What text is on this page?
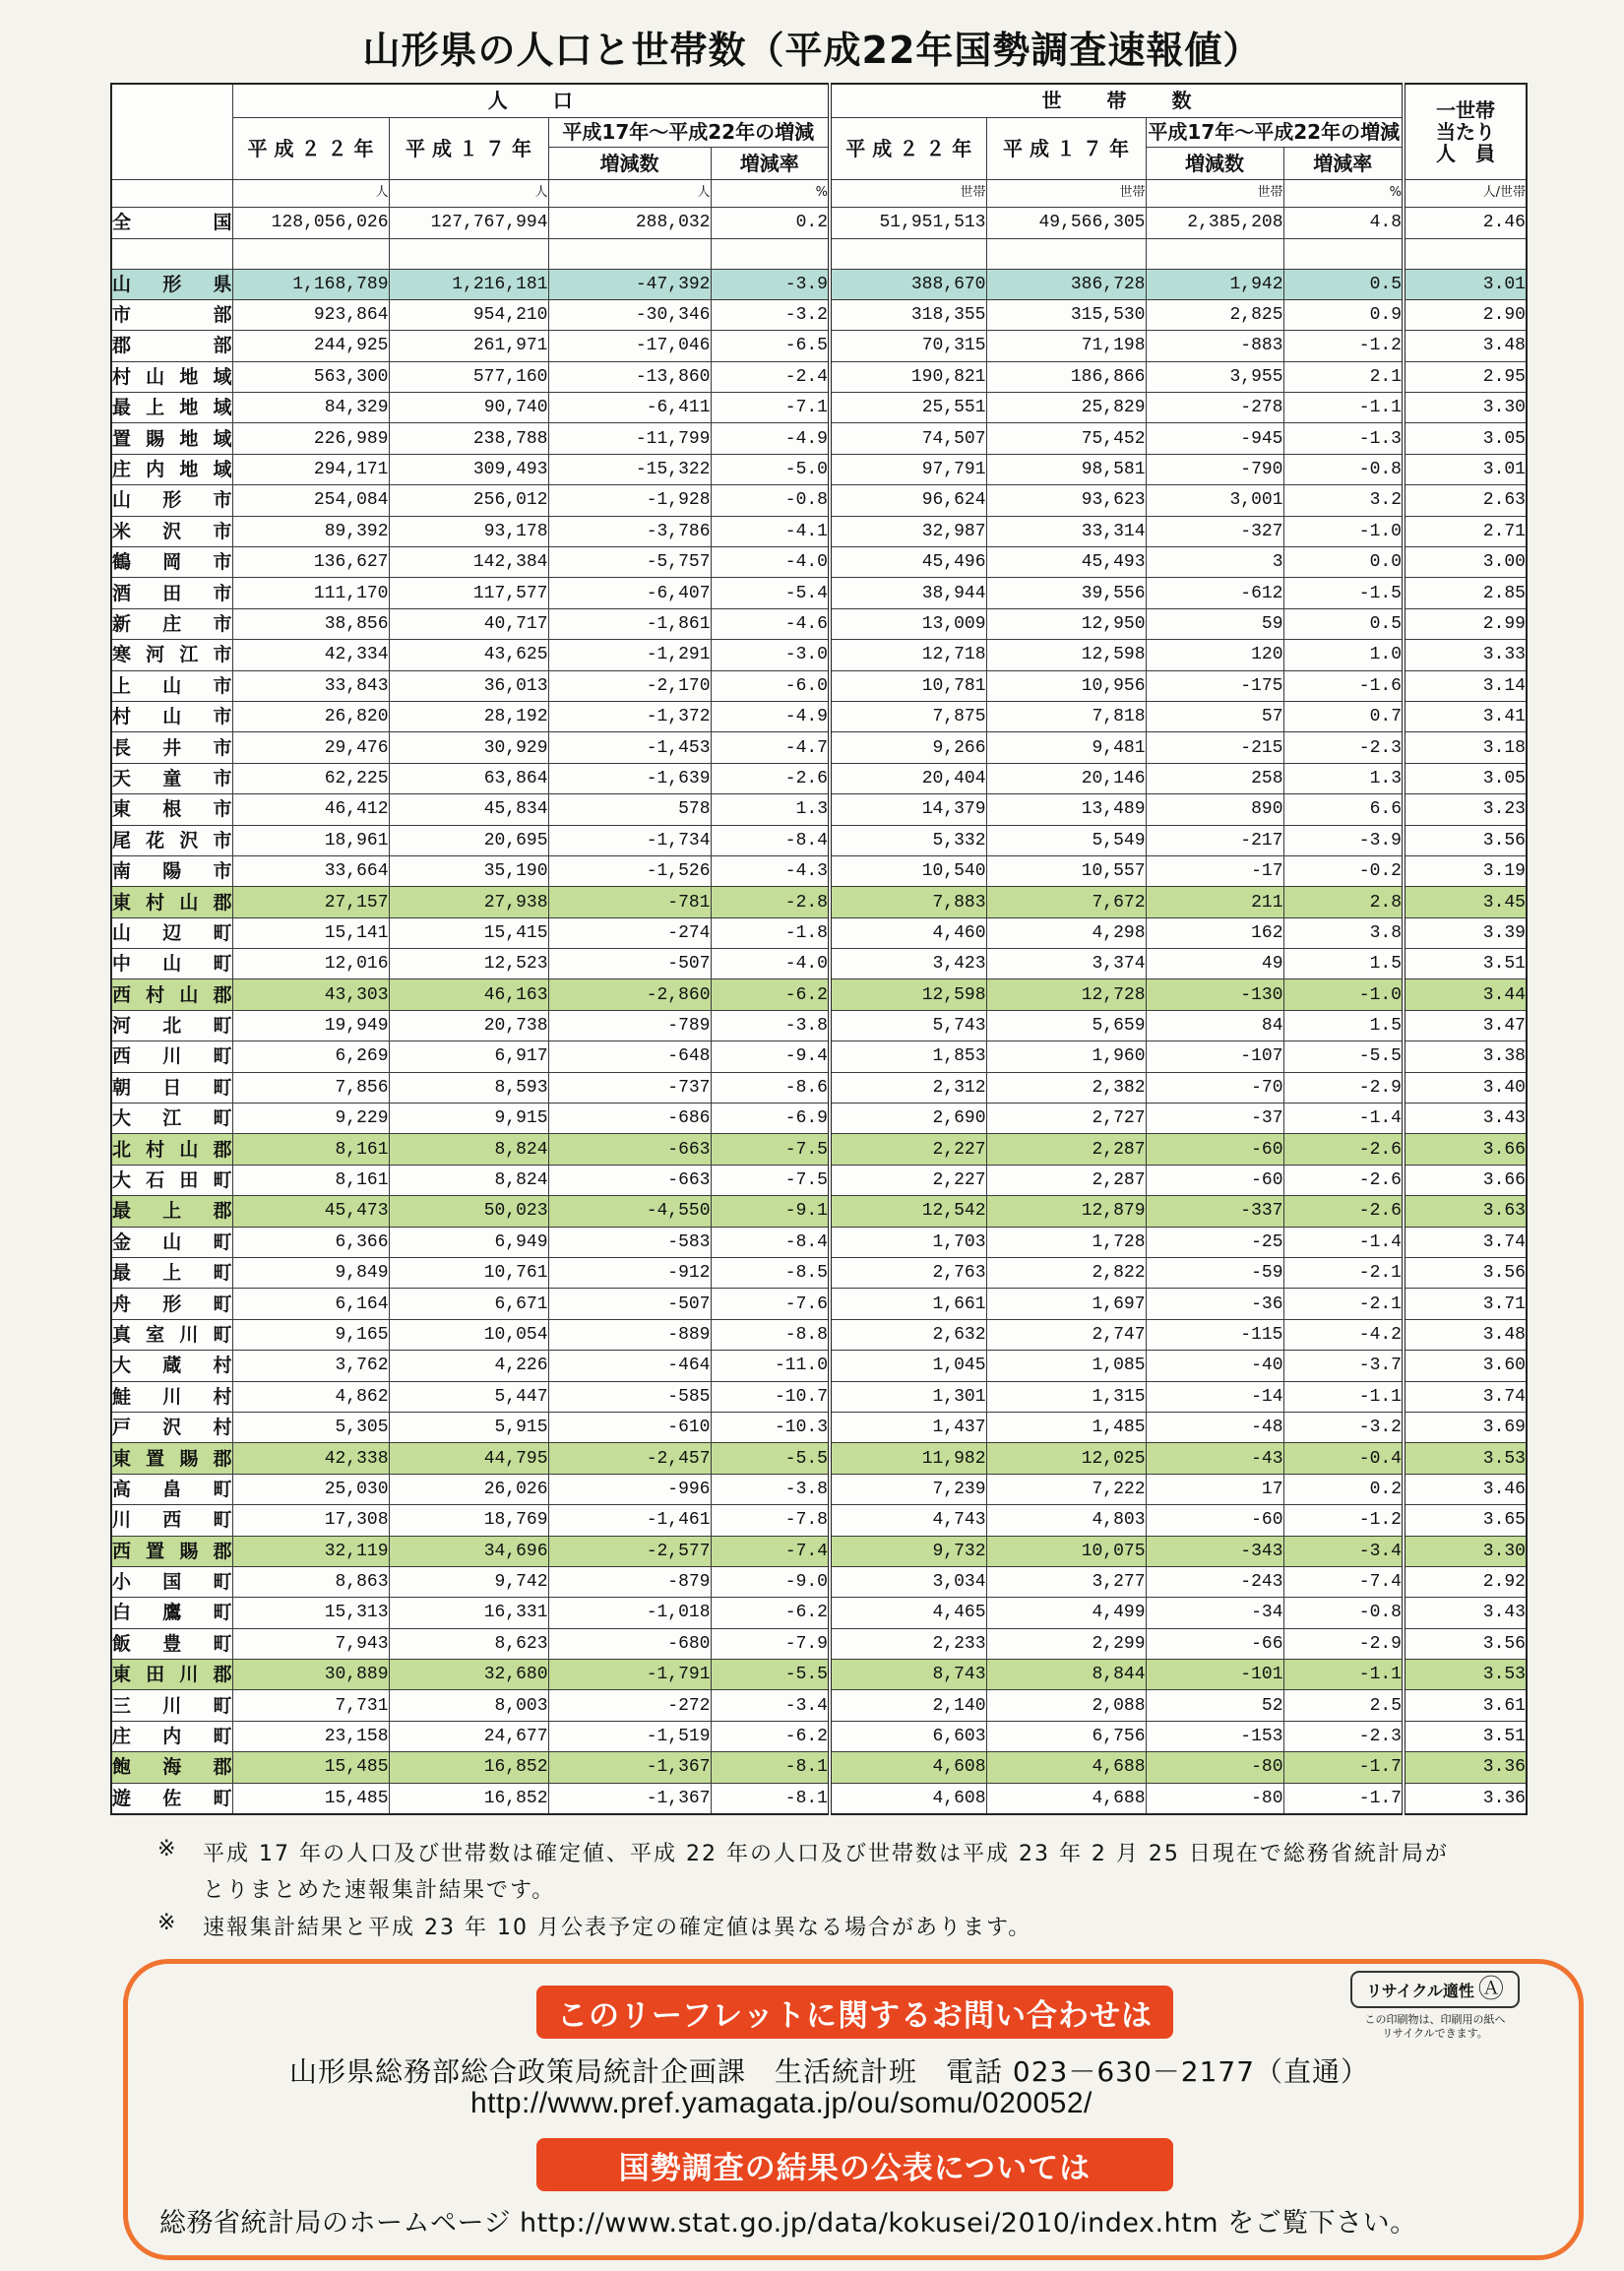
山形県の人口と世帯数（平成22年国勢調査速報値）
	人口				世帯数				一世帯
当たり
人員

	平成２２年	平成１７年	平成17年～平成22年の増減		平成２２年	平成１７年	平成17年～平成22年の増減		
			増減数	増減率			増減数	増減率	
	人	人	人	%	世帯	世帯	世帯	%	人/世帯
全国	128,056,026	127,767,994	288,032	0.2	51,951,513	49,566,305	2,385,208	4.8	2.46

山形県	1,168,789	1,216,181	-47,392	-3.9	388,670	386,728	1,942	0.5	3.01
市部	923,864	954,210	-30,346	-3.2	318,355	315,530	2,825	0.9	2.90
郡部	244,925	261,971	-17,046	-6.5	70,315	71,198	-883	-1.2	3.48
村山地域	563,300	577,160	-13,860	-2.4	190,821	186,866	3,955	2.1	2.95
最上地域	84,329	90,740	-6,411	-7.1	25,551	25,829	-278	-1.1	3.30
置賜地域	226,989	238,788	-11,799	-4.9	74,507	75,452	-945	-1.3	3.05
庄内地域	294,171	309,493	-15,322	-5.0	97,791	98,581	-790	-0.8	3.01
山形市	254,084	256,012	-1,928	-0.8	96,624	93,623	3,001	3.2	2.63
米沢市	89,392	93,178	-3,786	-4.1	32,987	33,314	-327	-1.0	2.71
鶴岡市	136,627	142,384	-5,757	-4.0	45,496	45,493	3	0.0	3.00
酒田市	111,170	117,577	-6,407	-5.4	38,944	39,556	-612	-1.5	2.85
新庄市	38,856	40,717	-1,861	-4.6	13,009	12,950	59	0.5	2.99
寒河江市	42,334	43,625	-1,291	-3.0	12,718	12,598	120	1.0	3.33
上山市	33,843	36,013	-2,170	-6.0	10,781	10,956	-175	-1.6	3.14
村山市	26,820	28,192	-1,372	-4.9	7,875	7,818	57	0.7	3.41
長井市	29,476	30,929	-1,453	-4.7	9,266	9,481	-215	-2.3	3.18
天童市	62,225	63,864	-1,639	-2.6	20,404	20,146	258	1.3	3.05
東根市	46,412	45,834	578	1.3	14,379	13,489	890	6.6	3.23
尾花沢市	18,961	20,695	-1,734	-8.4	5,332	5,549	-217	-3.9	3.56
南陽市	33,664	35,190	-1,526	-4.3	10,540	10,557	-17	-0.2	3.19
東村山郡	27,157	27,938	-781	-2.8	7,883	7,672	211	2.8	3.45
山辺町	15,141	15,415	-274	-1.8	4,460	4,298	162	3.8	3.39
中山町	12,016	12,523	-507	-4.0	3,423	3,374	49	1.5	3.51
西村山郡	43,303	46,163	-2,860	-6.2	12,598	12,728	-130	-1.0	3.44
河北町	19,949	20,738	-789	-3.8	5,743	5,659	84	1.5	3.47
西川町	6,269	6,917	-648	-9.4	1,853	1,960	-107	-5.5	3.38
朝日町	7,856	8,593	-737	-8.6	2,312	2,382	-70	-2.9	3.40
大江町	9,229	9,915	-686	-6.9	2,690	2,727	-37	-1.4	3.43
北村山郡	8,161	8,824	-663	-7.5	2,227	2,287	-60	-2.6	3.66
大石田町	8,161	8,824	-663	-7.5	2,227	2,287	-60	-2.6	3.66
最上郡	45,473	50,023	-4,550	-9.1	12,542	12,879	-337	-2.6	3.63
金山町	6,366	6,949	-583	-8.4	1,703	1,728	-25	-1.4	3.74
最上町	9,849	10,761	-912	-8.5	2,763	2,822	-59	-2.1	3.56
舟形町	6,164	6,671	-507	-7.6	1,661	1,697	-36	-2.1	3.71
真室川町	9,165	10,054	-889	-8.8	2,632	2,747	-115	-4.2	3.48
大蔵村	3,762	4,226	-464	-11.0	1,045	1,085	-40	-3.7	3.60
鮭川村	4,862	5,447	-585	-10.7	1,301	1,315	-14	-1.1	3.74
戸沢村	5,305	5,915	-610	-10.3	1,437	1,485	-48	-3.2	3.69
東置賜郡	42,338	44,795	-2,457	-5.5	11,982	12,025	-43	-0.4	3.53
高畠町	25,030	26,026	-996	-3.8	7,239	7,222	17	0.2	3.46
川西町	17,308	18,769	-1,461	-7.8	4,743	4,803	-60	-1.2	3.65
西置賜郡	32,119	34,696	-2,577	-7.4	9,732	10,075	-343	-3.4	3.30
小国町	8,863	9,742	-879	-9.0	3,034	3,277	-243	-7.4	2.92
白鷹町	15,313	16,331	-1,018	-6.2	4,465	4,499	-34	-0.8	3.43
飯豊町	7,943	8,623	-680	-7.9	2,233	2,299	-66	-2.9	3.56
東田川郡	30,889	32,680	-1,791	-5.5	8,743	8,844	-101	-1.1	3.53
三川町	7,731	8,003	-272	-3.4	2,140	2,088	52	2.5	3.61
庄内町	23,158	24,677	-1,519	-6.2	6,603	6,756	-153	-2.3	3.51
飽海郡	15,485	16,852	-1,367	-8.1	4,608	4,688	-80	-1.7	3.36
遊佐町	15,485	16,852	-1,367	-8.1	4,608	4,688	-80	-1.7	3.36
※ 平成 17 年の人口及び世帯数は確定値、平成 22 年の人口及び世帯数は平成 23 年 2 月 25 日現在で総務省統計局が
とりまとめた速報集計結果です。
※ 速報集計結果と平成 23 年 10 月公表予定の確定値は異なる場合があります。
このリーフレットに関するお問い合わせは
リサイクル適性 Ⓐ
この印刷物は、印刷用の紙へ
リサイクルできます。
山形県総務部総合政策局統計企画課　生活統計班　電話 023－630－2177（直通）
http://www.pref.yamagata.jp/ou/somu/020052/
国勢調査の結果の公表については
総務省統計局のホームページ http://www.stat.go.jp/data/kokusei/2010/index.htm をご覧下さい。
